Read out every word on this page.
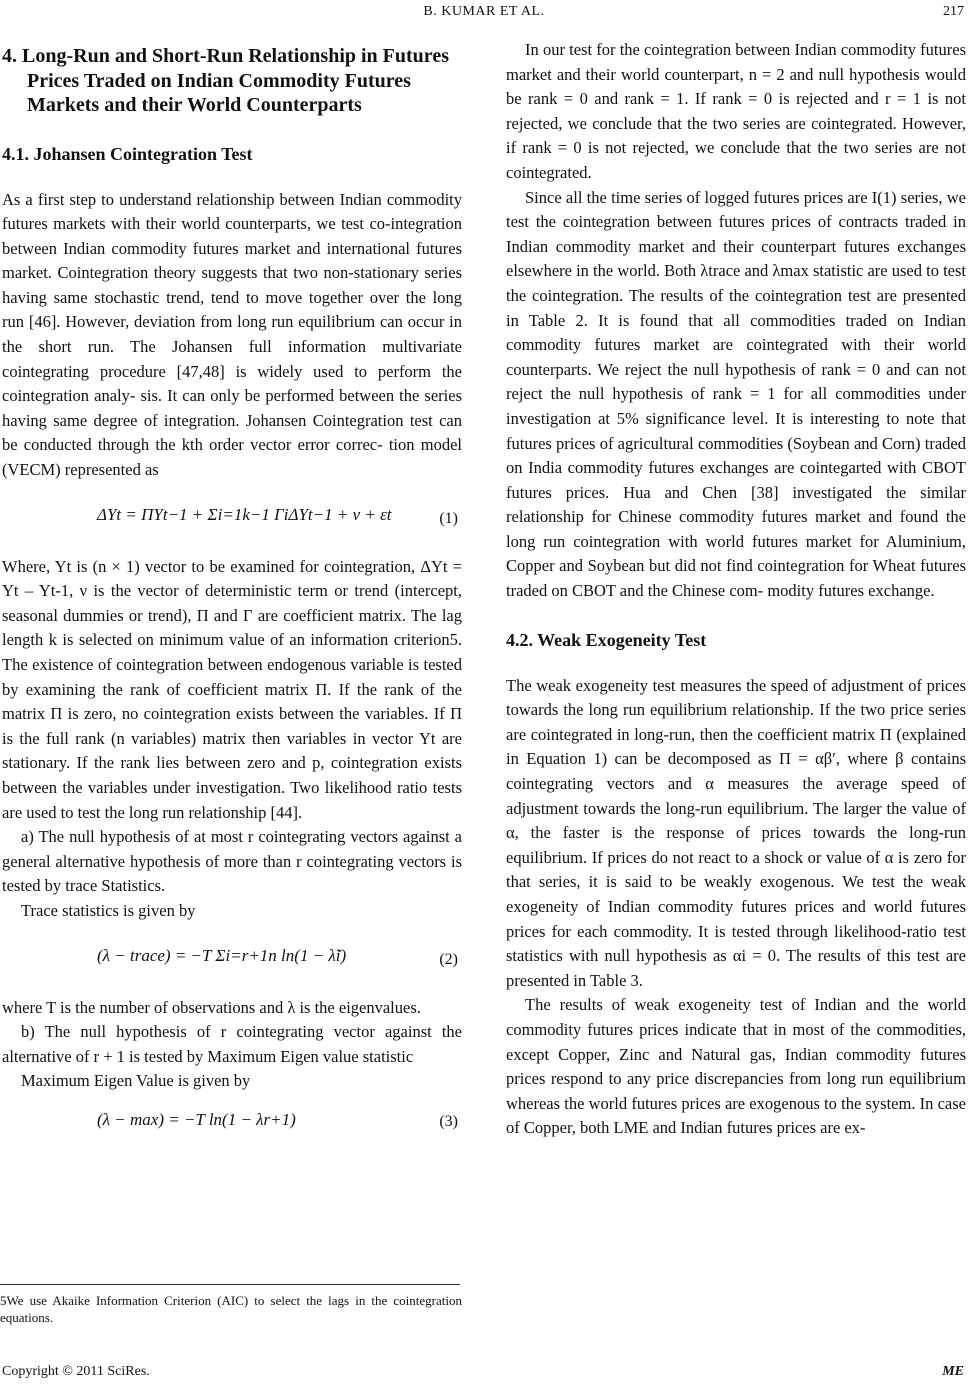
B. KUMAR ET AL.	217
4. Long-Run and Short-Run Relationship in Futures Prices Traded on Indian Commodity Futures Markets and their World Counterparts
4.1. Johansen Cointegration Test

As a first step to understand relationship between Indian commodity futures markets with their world counterparts, we test co-integration between Indian commodity futures market and international futures market. Cointegration theory suggests that two non-stationary series having same stochastic trend, tend to move together over the long run [46]. However, deviation from long run equilibrium can occur in the short run. The Johansen full information multivariate cointegrating procedure [47,48] is widely used to perform the cointegration analy- sis. It can only be performed between the series having same degree of integration. Johansen Cointegration test can be conducted through the kth order vector error correc- tion model (VECM) represented as

ΔYt = ΠYt−1 + Σi=1k−1 ΓiΔYt−1 + ν + εt	(1)

Where, Yt is (n × 1) vector to be examined for cointegration, ΔYt = Yt – Yt-1, ν is the vector of deterministic term or trend (intercept, seasonal dummies or trend), Π and Γ are coefficient matrix. The lag length k is selected on minimum value of an information criterion5. The existence of cointegration between endogenous variable is tested by examining the rank of coefficient matrix Π. If the rank of the matrix Π is zero, no cointegration exists between the variables. If Π is the full rank (n variables) matrix then variables in vector Yt are stationary. If the rank lies between zero and p, cointegration exists between the variables under investigation. Two likelihood ratio tests are used to test the long run relationship [44].

a) The null hypothesis of at most r cointegrating vectors against a general alternative hypothesis of more than r cointegrating vectors is tested by trace Statistics.

Trace statistics is given by

(λ − trace) = −T Σi=r+1n ln(1 − λ̃i)	(2)

where T is the number of observations and λ is the eigenvalues.

b) The null hypothesis of r cointegrating vector against the alternative of r + 1 is tested by Maximum Eigen value statistic

Maximum Eigen Value is given by

(λ − max) = −T ln(1 − λr+1)	(3)
5We use Akaike Information Criterion (AIC) to select the lags in the cointegration equations.

In our test for the cointegration between Indian commodity futures market and their world counterpart, n = 2 and null hypothesis would be rank = 0 and rank = 1. If rank = 0 is rejected and r = 1 is not rejected, we conclude that the two series are cointegrated. However, if rank = 0 is not rejected, we conclude that the two series are not cointegrated.

Since all the time series of logged futures prices are I(1) series, we test the cointegration between futures prices of contracts traded in Indian commodity market and their counterpart futures exchanges elsewhere in the world. Both λtrace and λmax statistic are used to test the cointegration. The results of the cointegration test are presented in Table 2. It is found that all commodities traded on Indian commodity futures market are cointegrated with their world counterparts. We reject the null hypothesis of rank = 0 and can not reject the null hypothesis of rank = 1 for all commodities under investigation at 5% significance level. It is interesting to note that futures prices of agricultural commodities (Soybean and Corn) traded on India commodity futures exchanges are cointegarted with CBOT futures prices. Hua and Chen [38] investigated the similar relationship for Chinese commodity futures market and found the long run cointegration with world futures market for Aluminium, Copper and Soybean but did not find cointegration for Wheat futures traded on CBOT and the Chinese com- modity futures exchange.

4.2. Weak Exogeneity Test

The weak exogeneity test measures the speed of adjustment of prices towards the long run equilibrium relationship. If the two price series are cointegrated in long-run, then the coefficient matrix Π (explained in Equation 1) can be decomposed as Π = αβ′, where β contains cointegrating vectors and α measures the average speed of adjustment towards the long-run equilibrium. The larger the value of α, the faster is the response of prices towards the long-run equilibrium. If prices do not react to a shock or value of α is zero for that series, it is said to be weakly exogenous. We test the weak exogeneity of Indian commodity futures prices and world futures prices for each commodity. It is tested through likelihood-ratio test statistics with null hypothesis as αi = 0. The results of this test are presented in Table 3.

The results of weak exogeneity test of Indian and the world commodity futures prices indicate that in most of the commodities, except Copper, Zinc and Natural gas, Indian commodity futures prices respond to any price discrepancies from long run equilibrium whereas the world futures prices are exogenous to the system. In case of Copper, both LME and Indian futures prices are ex-

Copyright © 2011 SciRes.	ME
